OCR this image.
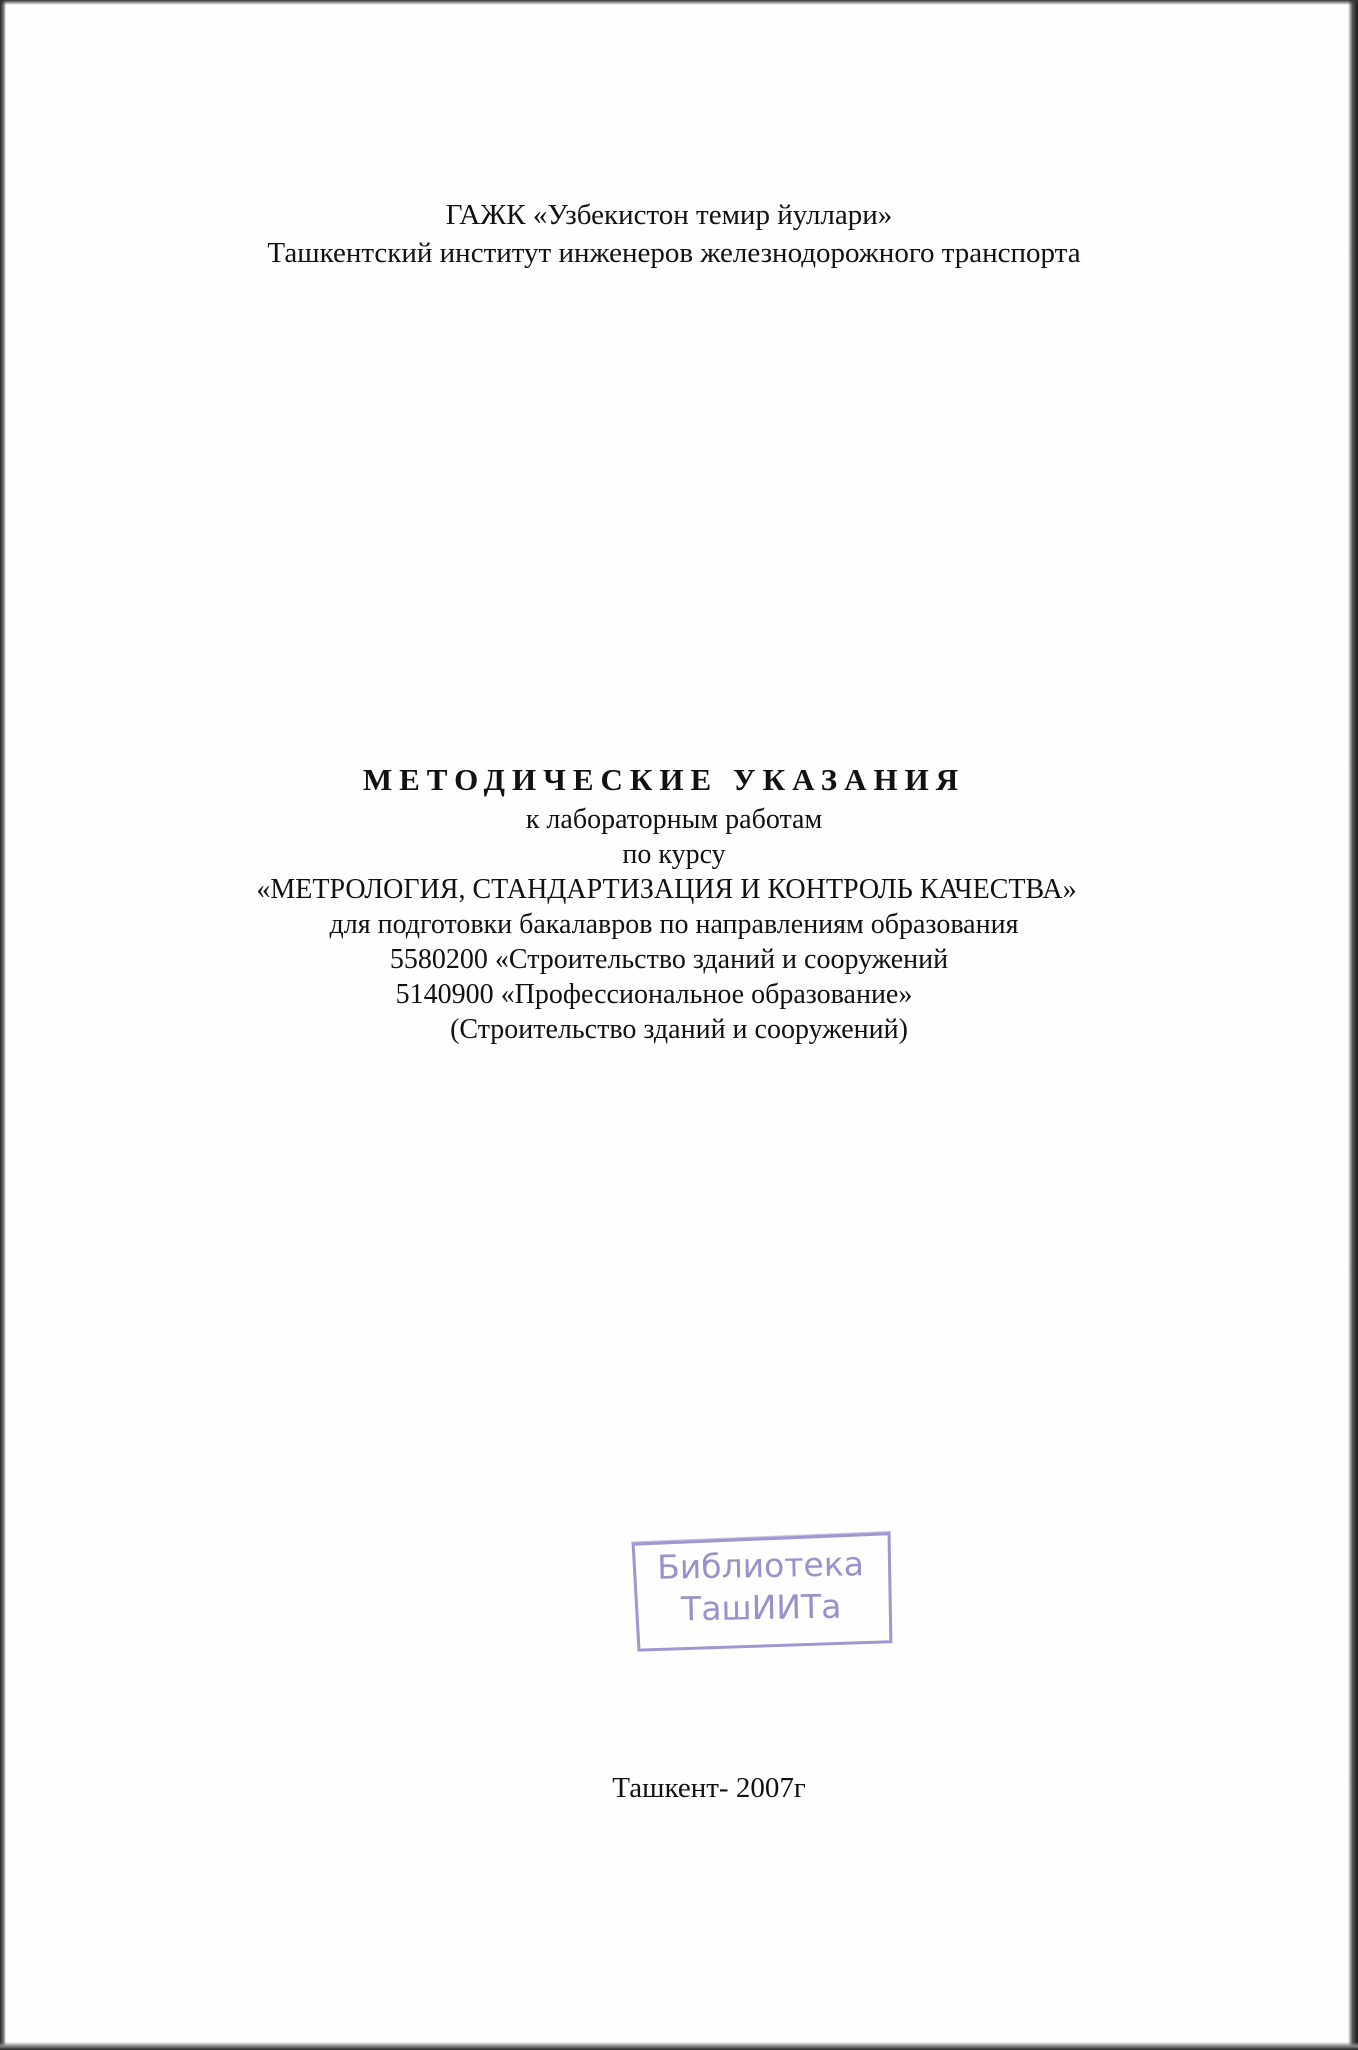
ГАЖК «Узбекистон темир йуллари»
Ташкентский институт инженеров железнодорожного транспорта
МЕТОДИЧЕСКИЕ УКАЗАНИЯ
к лабораторным работам
по курсу
«МЕТРОЛОГИЯ, СТАНДАРТИЗАЦИЯ И КОНТРОЛЬ КАЧЕСТВА»
для подготовки бакалавров по направлениям образования
5580200 «Строительство зданий и сооружений
5140900 «Профессиональное образование»
(Строительство зданий и сооружений)
Библиотека
ТашИИТа
Ташкент- 2007г
